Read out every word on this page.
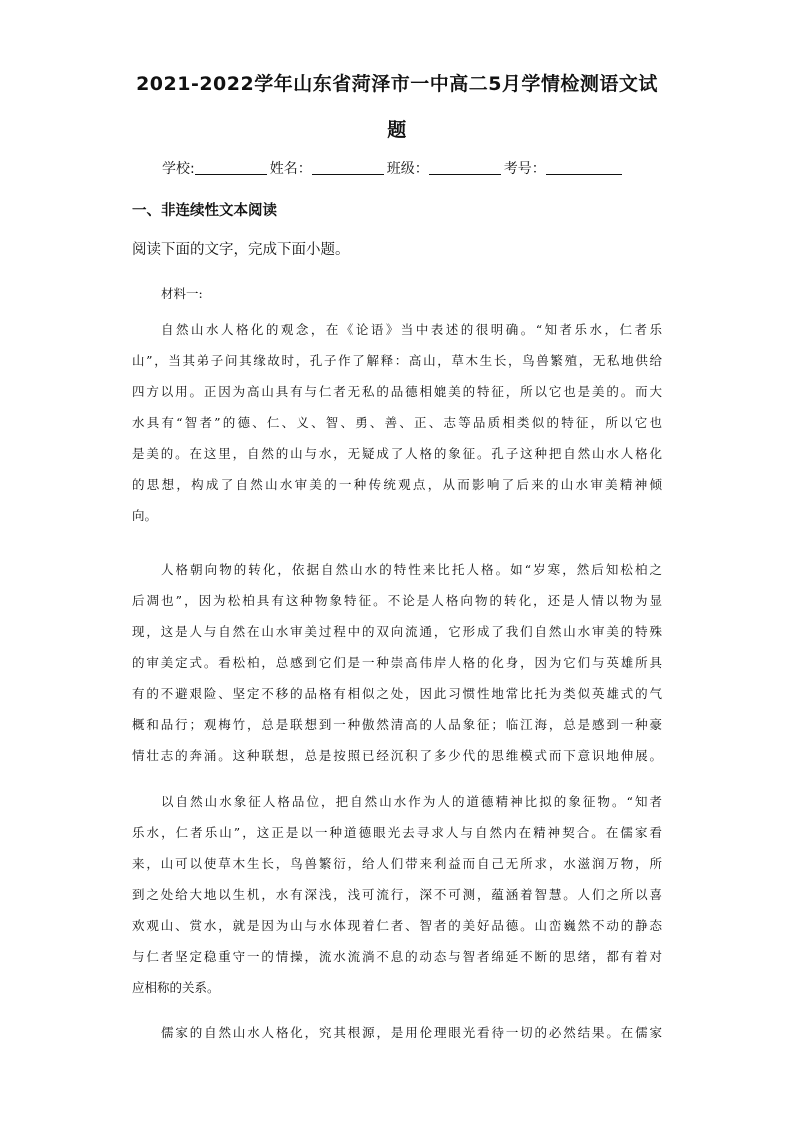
2021-2022学年山东省菏泽市一中高二5月学情检测语文试
题
学校:	姓名：	班级：	考号：
一、非连续性文本阅读
阅读下面的文字，完成下面小题。
材料一:
自然山水人格化的观念，在《论语》当中表述的很明确。“知者乐水，仁者乐
山”，当其弟子问其缘故时，孔子作了解释：高山，草木生长，鸟兽繁殖，无私地供给
四方以用。正因为高山具有与仁者无私的品德相媲美的特征，所以它也是美的。而大
水具有“智者”的德、仁、义、智、勇、善、正、志等品质相类似的特征，所以它也
是美的。在这里，自然的山与水，无疑成了人格的象征。孔子这种把自然山水人格化
的思想，构成了自然山水审美的一种传统观点，从而影响了后来的山水审美精神倾
向。
人格朝向物的转化，依据自然山水的特性来比托人格。如“岁寒，然后知松柏之
后凋也”，因为松柏具有这种物象特征。不论是人格向物的转化，还是人情以物为显
现，这是人与自然在山水审美过程中的双向流通，它形成了我们自然山水审美的特殊
的审美定式。看松柏，总感到它们是一种崇高伟岸人格的化身，因为它们与英雄所具
有的不避艰险、坚定不移的品格有相似之处，因此习惯性地常比托为类似英雄式的气
概和品行；观梅竹，总是联想到一种傲然清高的人品象征；临江海，总是感到一种豪
情壮志的奔涌。这种联想，总是按照已经沉积了多少代的思维模式而下意识地伸展。
以自然山水象征人格品位，把自然山水作为人的道德精神比拟的象征物。“知者
乐水，仁者乐山”，这正是以一种道德眼光去寻求人与自然内在精神契合。在儒家看
来，山可以使草木生长，鸟兽繁衍，给人们带来利益而自己无所求，水滋润万物，所
到之处给大地以生机，水有深浅，浅可流行，深不可测，蕴涵着智慧。人们之所以喜
欢观山、赏水，就是因为山与水体现着仁者、智者的美好品德。山峦巍然不动的静态
与仁者坚定稳重守一的情操，流水流淌不息的动态与智者绵延不断的思绪，都有着对
应相称的关系。
儒家的自然山水人格化，究其根源，是用伦理眼光看待一切的必然结果。在儒家
